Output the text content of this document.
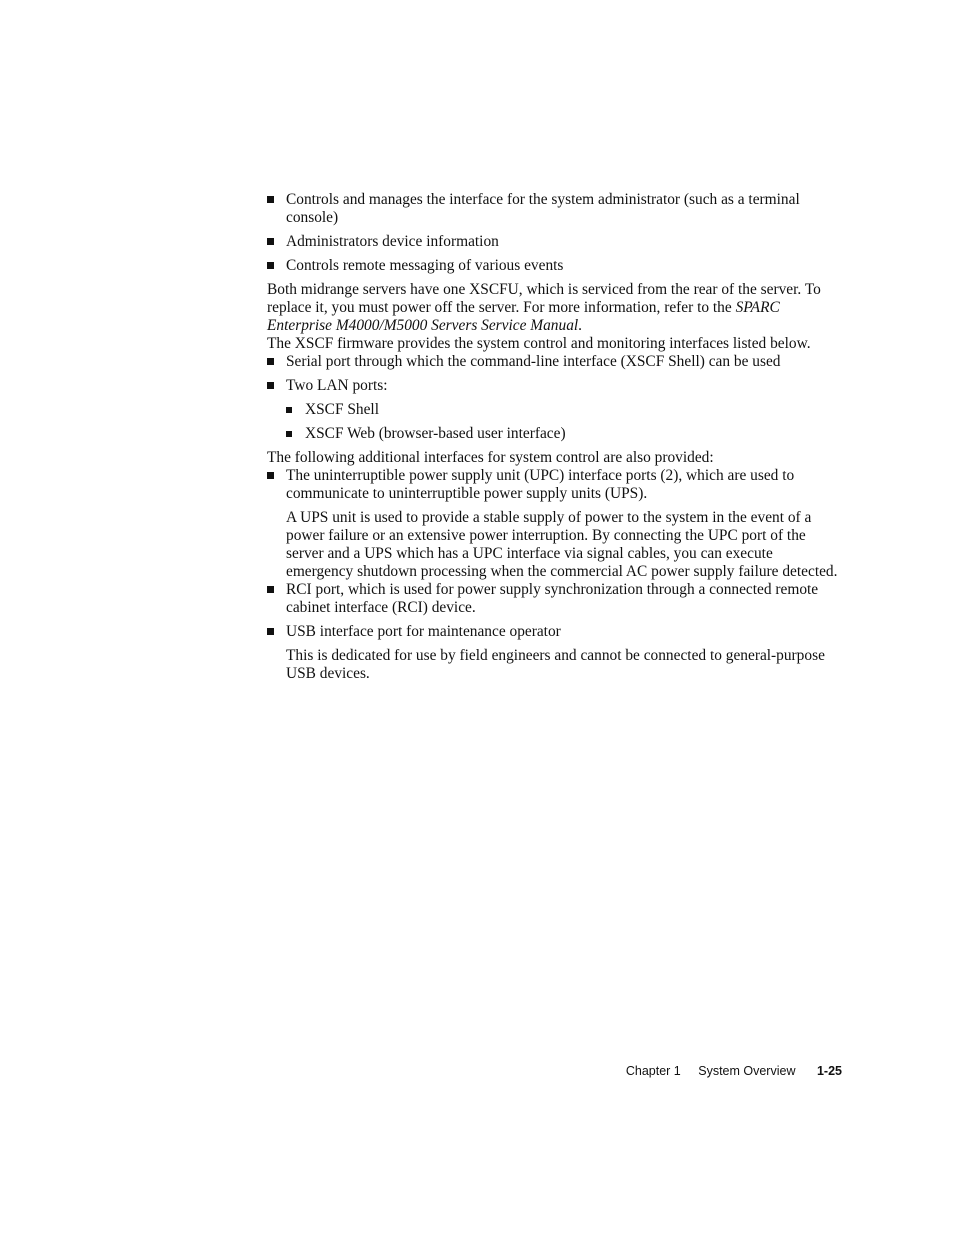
Controls and manages the interface for the system administrator (such as a terminal console)

Administrators device information

Controls remote messaging of various events

Both midrange servers have one XSCFU, which is serviced from the rear of the server. To replace it, you must power off the server. For more information, refer to the SPARC Enterprise M4000/M5000 Servers Service Manual.

The XSCF firmware provides the system control and monitoring interfaces listed below.

Serial port through which the command-line interface (XSCF Shell) can be used

Two LAN ports:

XSCF Shell

XSCF Web (browser-based user interface)

The following additional interfaces for system control are also provided:

The uninterruptible power supply unit (UPC) interface ports (2), which are used to communicate to uninterruptible power supply units (UPS).

A UPS unit is used to provide a stable supply of power to the system in the event of a power failure or an extensive power interruption. By connecting the UPC port of the server and a UPS which has a UPC interface via signal cables, you can execute emergency shutdown processing when the commercial AC power supply failure detected.

RCI port, which is used for power supply synchronization through a connected remote cabinet interface (RCI) device.

USB interface port for maintenance operator

This is dedicated for use by field engineers and cannot be connected to general-purpose USB devices.

Chapter 1 System Overview 1-25
